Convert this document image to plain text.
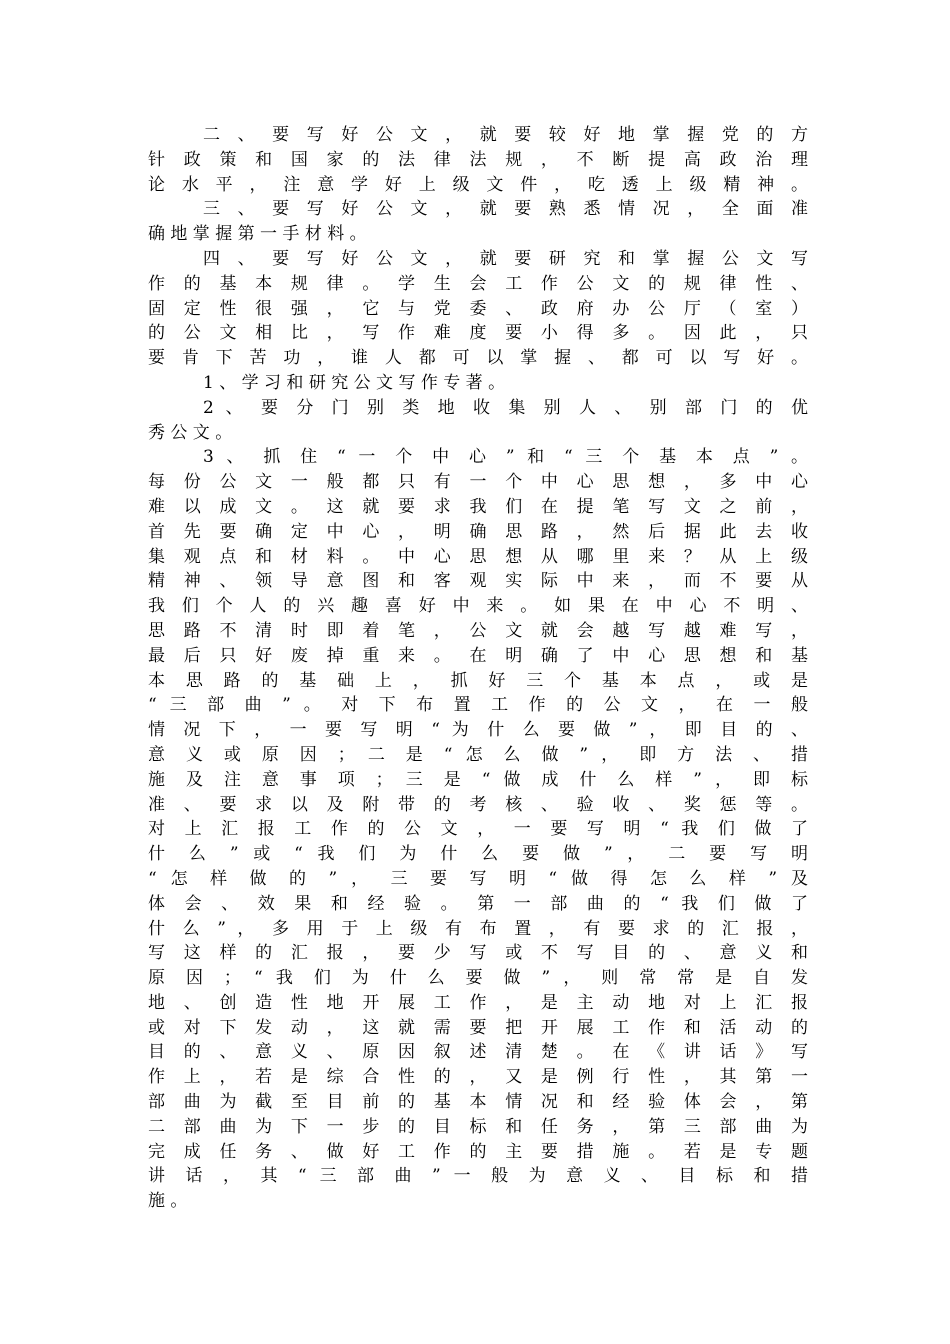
二 、 要 写 好 公 文 ， 就 要 较 好 地 掌 握 党 的 方
针 政 策 和 国 家 的 法 律 法 规 ， 不 断 提 高 政 治 理
论 水 平 ， 注 意 学 好 上 级 文 件 ， 吃 透 上 级 精 神 。
三 、 要 写 好 公 文 ， 就 要 熟 悉 情 况 ， 全 面 准
确 地 掌 握 第 一 手 材 料 。
四 、 要 写 好 公 文 ， 就 要 研 究 和 掌 握 公 文 写
作 的 基 本 规 律 。 学 生 会 工 作 公 文 的 规 律 性 、
固 定 性 很 强 ， 它 与 党 委 、 政 府 办 公 厅 （ 室 ）
的 公 文 相 比 ， 写 作 难 度 要 小 得 多 。 因 此 ， 只
要 肯 下 苦 功 ， 谁 人 都 可 以 掌 握 、 都 可 以 写 好 。
1 、 学 习 和 研 究 公 文 写 作 专 著 。
2 、 要 分 门 别 类 地 收 集 别 人 、 别 部 门 的 优
秀 公 文 。
3 、 抓 住 “ 一 个 中 心 ” 和 “ 三 个 基 本 点 ” 。
每 份 公 文 一 般 都 只 有 一 个 中 心 思 想 ， 多 中 心
难 以 成 文 。 这 就 要 求 我 们 在 提 笔 写 文 之 前 ，
首 先 要 确 定 中 心 ， 明 确 思 路 ， 然 后 据 此 去 收
集 观 点 和 材 料 。 中 心 思 想 从 哪 里 来 ？ 从 上 级
精 神 、 领 导 意 图 和 客 观 实 际 中 来 ， 而 不 要 从
我 们 个 人 的 兴 趣 喜 好 中 来 。 如 果 在 中 心 不 明 、
思 路 不 清 时 即 着 笔 ， 公 文 就 会 越 写 越 难 写 ，
最 后 只 好 废 掉 重 来 。 在 明 确 了 中 心 思 想 和 基
本 思 路 的 基 础 上 ， 抓 好 三 个 基 本 点 ， 或 是
“ 三 部 曲 ” 。 对 下 布 置 工 作 的 公 文 ， 在 一 般
情 况 下 ， 一 要 写 明 “ 为 什 么 要 做 ” ， 即 目 的 、
意 义 或 原 因 ； 二 是 “ 怎 么 做 ” ， 即 方 法 、 措
施 及 注 意 事 项 ； 三 是 “ 做 成 什 么 样 ” ， 即 标
准 、 要 求 以 及 附 带 的 考 核 、 验 收 、 奖 惩 等 。
对 上 汇 报 工 作 的 公 文 ， 一 要 写 明 “ 我 们 做 了
什 么 ” 或 “ 我 们 为 什 么 要 做 ” ， 二 要 写 明
“ 怎 样 做 的 ” ， 三 要 写 明 “ 做 得 怎 么 样 ” 及
体 会 、 效 果 和 经 验 。 第 一 部 曲 的 “ 我 们 做 了
什 么 ” ， 多 用 于 上 级 有 布 置 ， 有 要 求 的 汇 报 ，
写 这 样 的 汇 报 ， 要 少 写 或 不 写 目 的 、 意 义 和
原 因 ； “ 我 们 为 什 么 要 做 ” ， 则 常 常 是 自 发
地 、 创 造 性 地 开 展 工 作 ， 是 主 动 地 对 上 汇 报
或 对 下 发 动 ， 这 就 需 要 把 开 展 工 作 和 活 动 的
目 的 、 意 义 、 原 因 叙 述 清 楚 。 在 《 讲 话 》 写
作 上 ， 若 是 综 合 性 的 ， 又 是 例 行 性 ， 其 第 一
部 曲 为 截 至 目 前 的 基 本 情 况 和 经 验 体 会 ， 第
二 部 曲 为 下 一 步 的 目 标 和 任 务 ， 第 三 部 曲 为
完 成 任 务 、 做 好 工 作 的 主 要 措 施 。 若 是 专 题
讲 话 ， 其 “ 三 部 曲 ” 一 般 为 意 义 、 目 标 和 措
施 。
